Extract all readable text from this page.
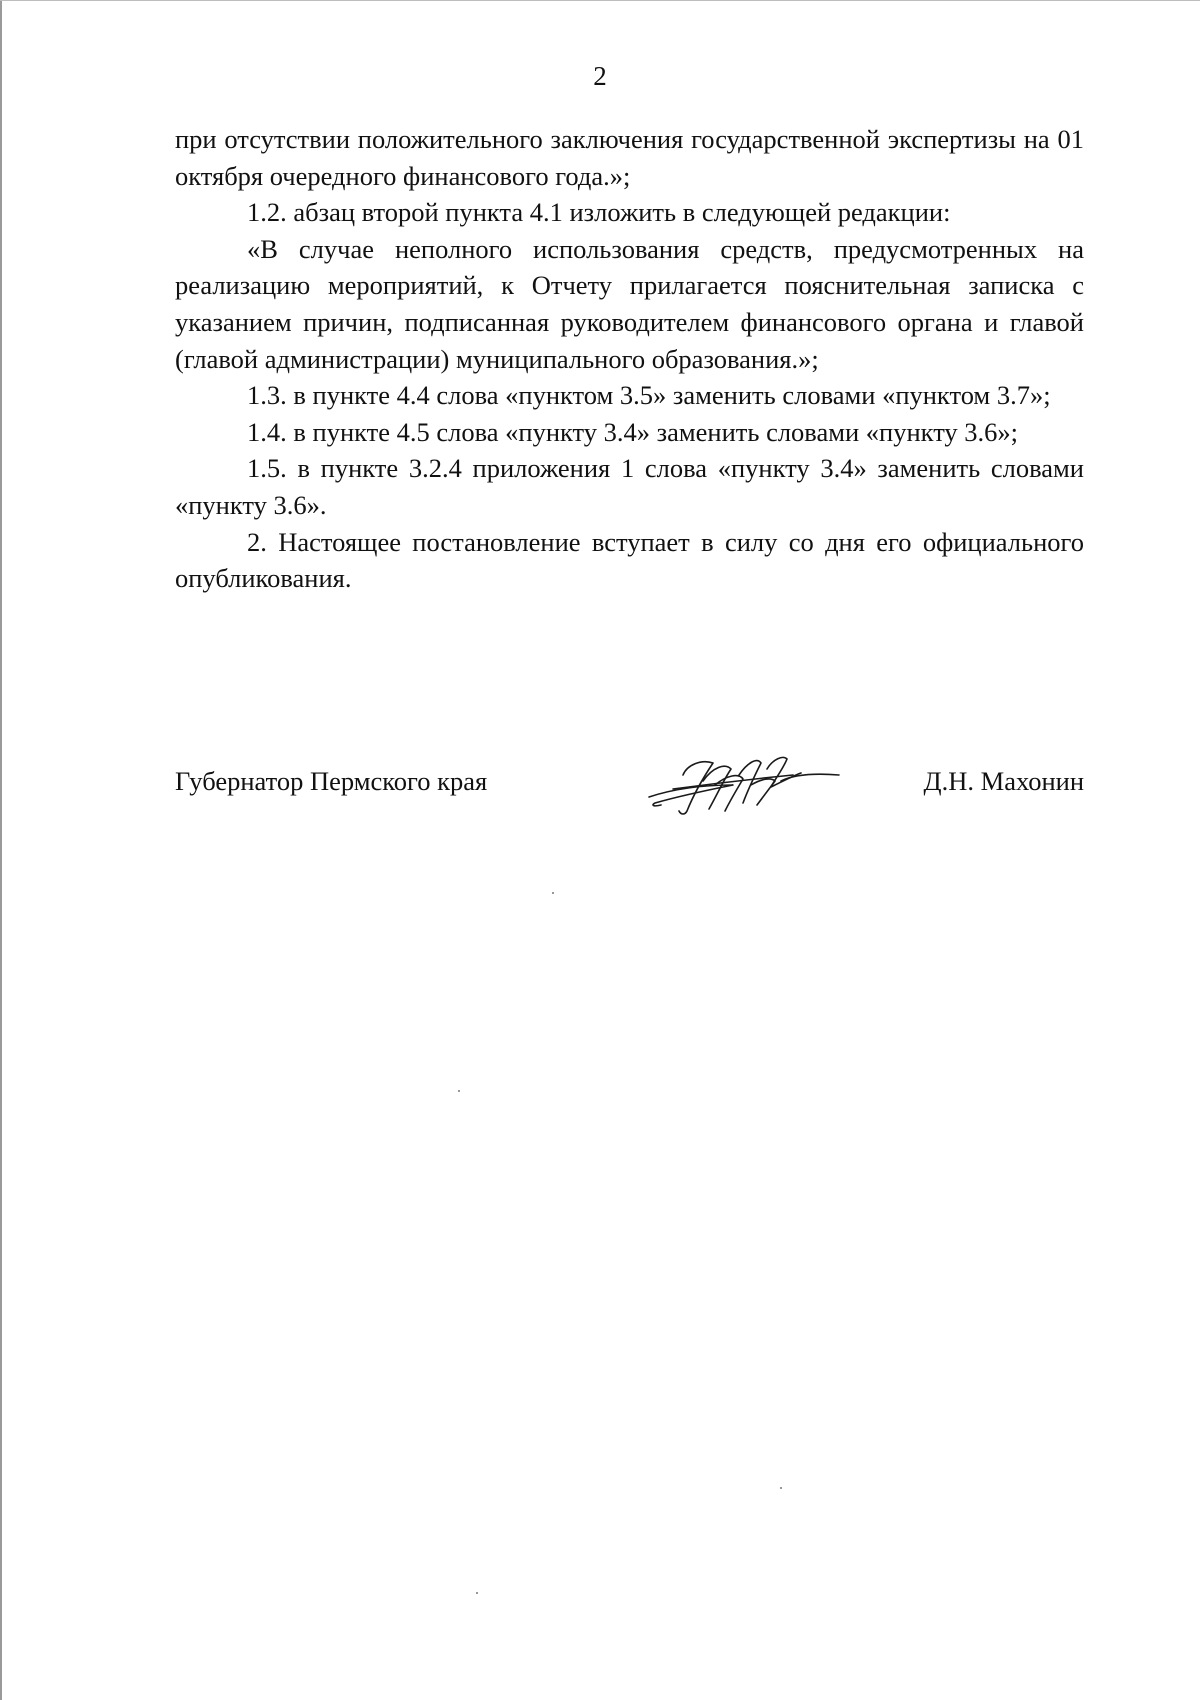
2

при отсутствии положительного заключения государственной экспертизы на 01 октября очередного финансового года.»;

1.2. абзац второй пункта 4.1 изложить в следующей редакции:

«В случае неполного использования средств, предусмотренных на реализацию мероприятий, к Отчету прилагается пояснительная записка с указанием причин, подписанная руководителем финансового органа и главой (главой администрации) муниципального образования.»;

1.3. в пункте 4.4 слова «пунктом 3.5» заменить словами «пунктом 3.7»;

1.4. в пункте 4.5 слова «пункту 3.4» заменить словами «пункту 3.6»;

1.5. в пункте 3.2.4 приложения 1 слова «пункту 3.4» заменить словами «пункту 3.6».

2. Настоящее постановление вступает в силу со дня его официального опубликования.

Губернатор Пермского края	Д.Н. Махонин
